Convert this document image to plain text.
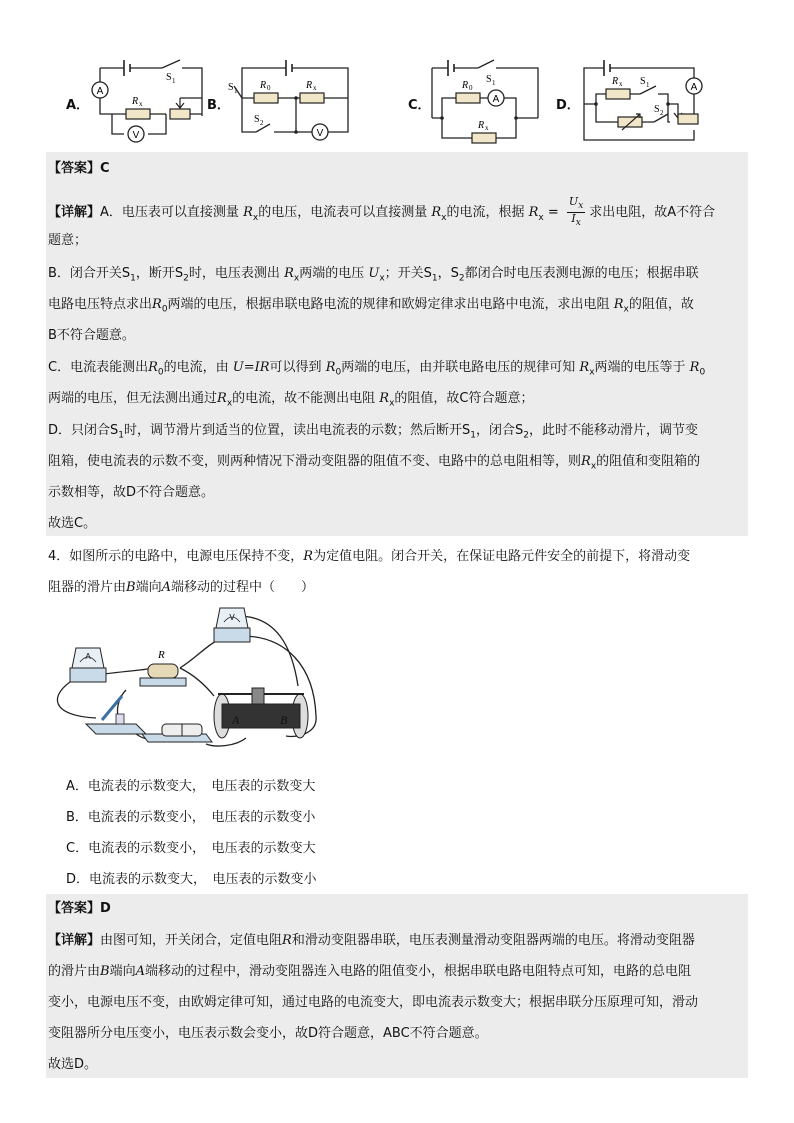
A．	B．	C．	D．
A
V
S 1
R x
V
S 1
S 2
R 0	R x
A
S 1
R 0
R x
A
R x S 1
S 2
【答案】C
【详解】A．电压表可以直接测量 $R_x$的电压，电流表可以直接测量 $R_x$的电流，根据 $R_x = \frac{U_x}{I_x}$ 求出电阻，故A不符合
题意；
B．闭合开关$S_1$，断开$S_2$时，电压表测出 $R_x$两端的电压 $U_x$；开关$S_1$，$S_2$都闭合时电压表测电源的电压；根据串联
电路电压特点求出$R_0$两端的电压，根据串联电路电流的规律和欧姆定律求出电路中电流，求出电阻 $R_x$的阻值，故
B不符合题意。
C．电流表能测出$R_0$的电流，由 U=IR可以得到 $R_0$两端的电压，由并联电路电压的规律可知 $R_x$两端的电压等于 $R_0$
两端的电压，但无法测出通过$R_x$的电流，故不能测出电阻 $R_x$的阻值，故C符合题意；
D．只闭合$S_1$时，调节滑片到适当的位置，读出电流表的示数；然后断开$S_1$，闭合$S_2$，此时不能移动滑片，调节变
阻箱，使电流表的示数不变，则两种情况下滑动变阻器的阻值不变、电路中的总电阻相等，则$R_x$的阻值和变阻箱的
示数相等，故D不符合题意。
故选C。
4．如图所示的电路中，电源电压保持不变，R为定值电阻。闭合开关，在保证电路元件安全的前提下，将滑动变
阻器的滑片由B端向A端移动的过程中（　　）
A
V
R
A	B
A．电流表的示数变大，　电压表的示数变大
B．电流表的示数变小，　电压表的示数变小
C．电流表的示数变小，　电压表的示数变大
D．电流表的示数变大，　电压表的示数变小
【答案】D
【详解】由图可知，开关闭合，定值电阻R和滑动变阻器串联，电压表测量滑动变阻器两端的电压。将滑动变阻器
的滑片由B端向A端移动的过程中，滑动变阻器连入电路的阻值变小，根据串联电路电阻特点可知，电路的总电阻
变小，电源电压不变，由欧姆定律可知，通过电路的电流变大，即电流表示数变大；根据串联分压原理可知，滑动
变阻器所分电压变小，电压表示数会变小，故D符合题意，ABC不符合题意。
故选D。
